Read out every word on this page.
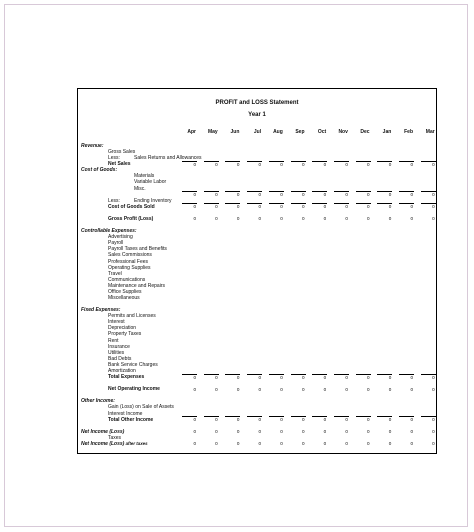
PROFIT and LOSS Statement
Year 1
Apr	May	Jun	Jul	Aug	Sep	Oct	Nov	Dec	Jan	Feb	Mar
Revenue:
Gross Sales
Less:	Sales Returns and Allowances
Net Sales	0	0	0	0	0	0	0	0	0	0	0	0
Cost of Goods:
Materials
Variable Labor
Misc.
0	0	0	0	0	0	0	0	0	0	0	0
Less:	Ending Inventory
Cost of Goods Sold	0	0	0	0	0	0	0	0	0	0	0	0
Gross Profit (Loss)	0	0	0	0	0	0	0	0	0	0	0	0
Controllable Expenses:
Advertising
Payroll
Payroll Taxes and Benefits
Sales Commissions
Professional Fees
Operating Supplies
Travel
Communications
Maintenance and Repairs
Office Supplies
Miscellaneous
Fixed Expenses:
Permits and Licenses
Interest
Depreciation
Property Taxes
Rent
Insurance
Utilities
Bad Debts
Bank Service Charges
Amortization
Total Expenses	0	0	0	0	0	0	0	0	0	0	0	0
Net Operating Income	0	0	0	0	0	0	0	0	0	0	0	0
Other Income:
Gain (Loss) on Sale of Assets
Interest Income
Total Other Income	0	0	0	0	0	0	0	0	0	0	0	0
Net Income (Loss)	0	0	0	0	0	0	0	0	0	0	0	0
Taxes
Net Income (Loss) after taxes	0	0	0	0	0	0	0	0	0	0	0	0
